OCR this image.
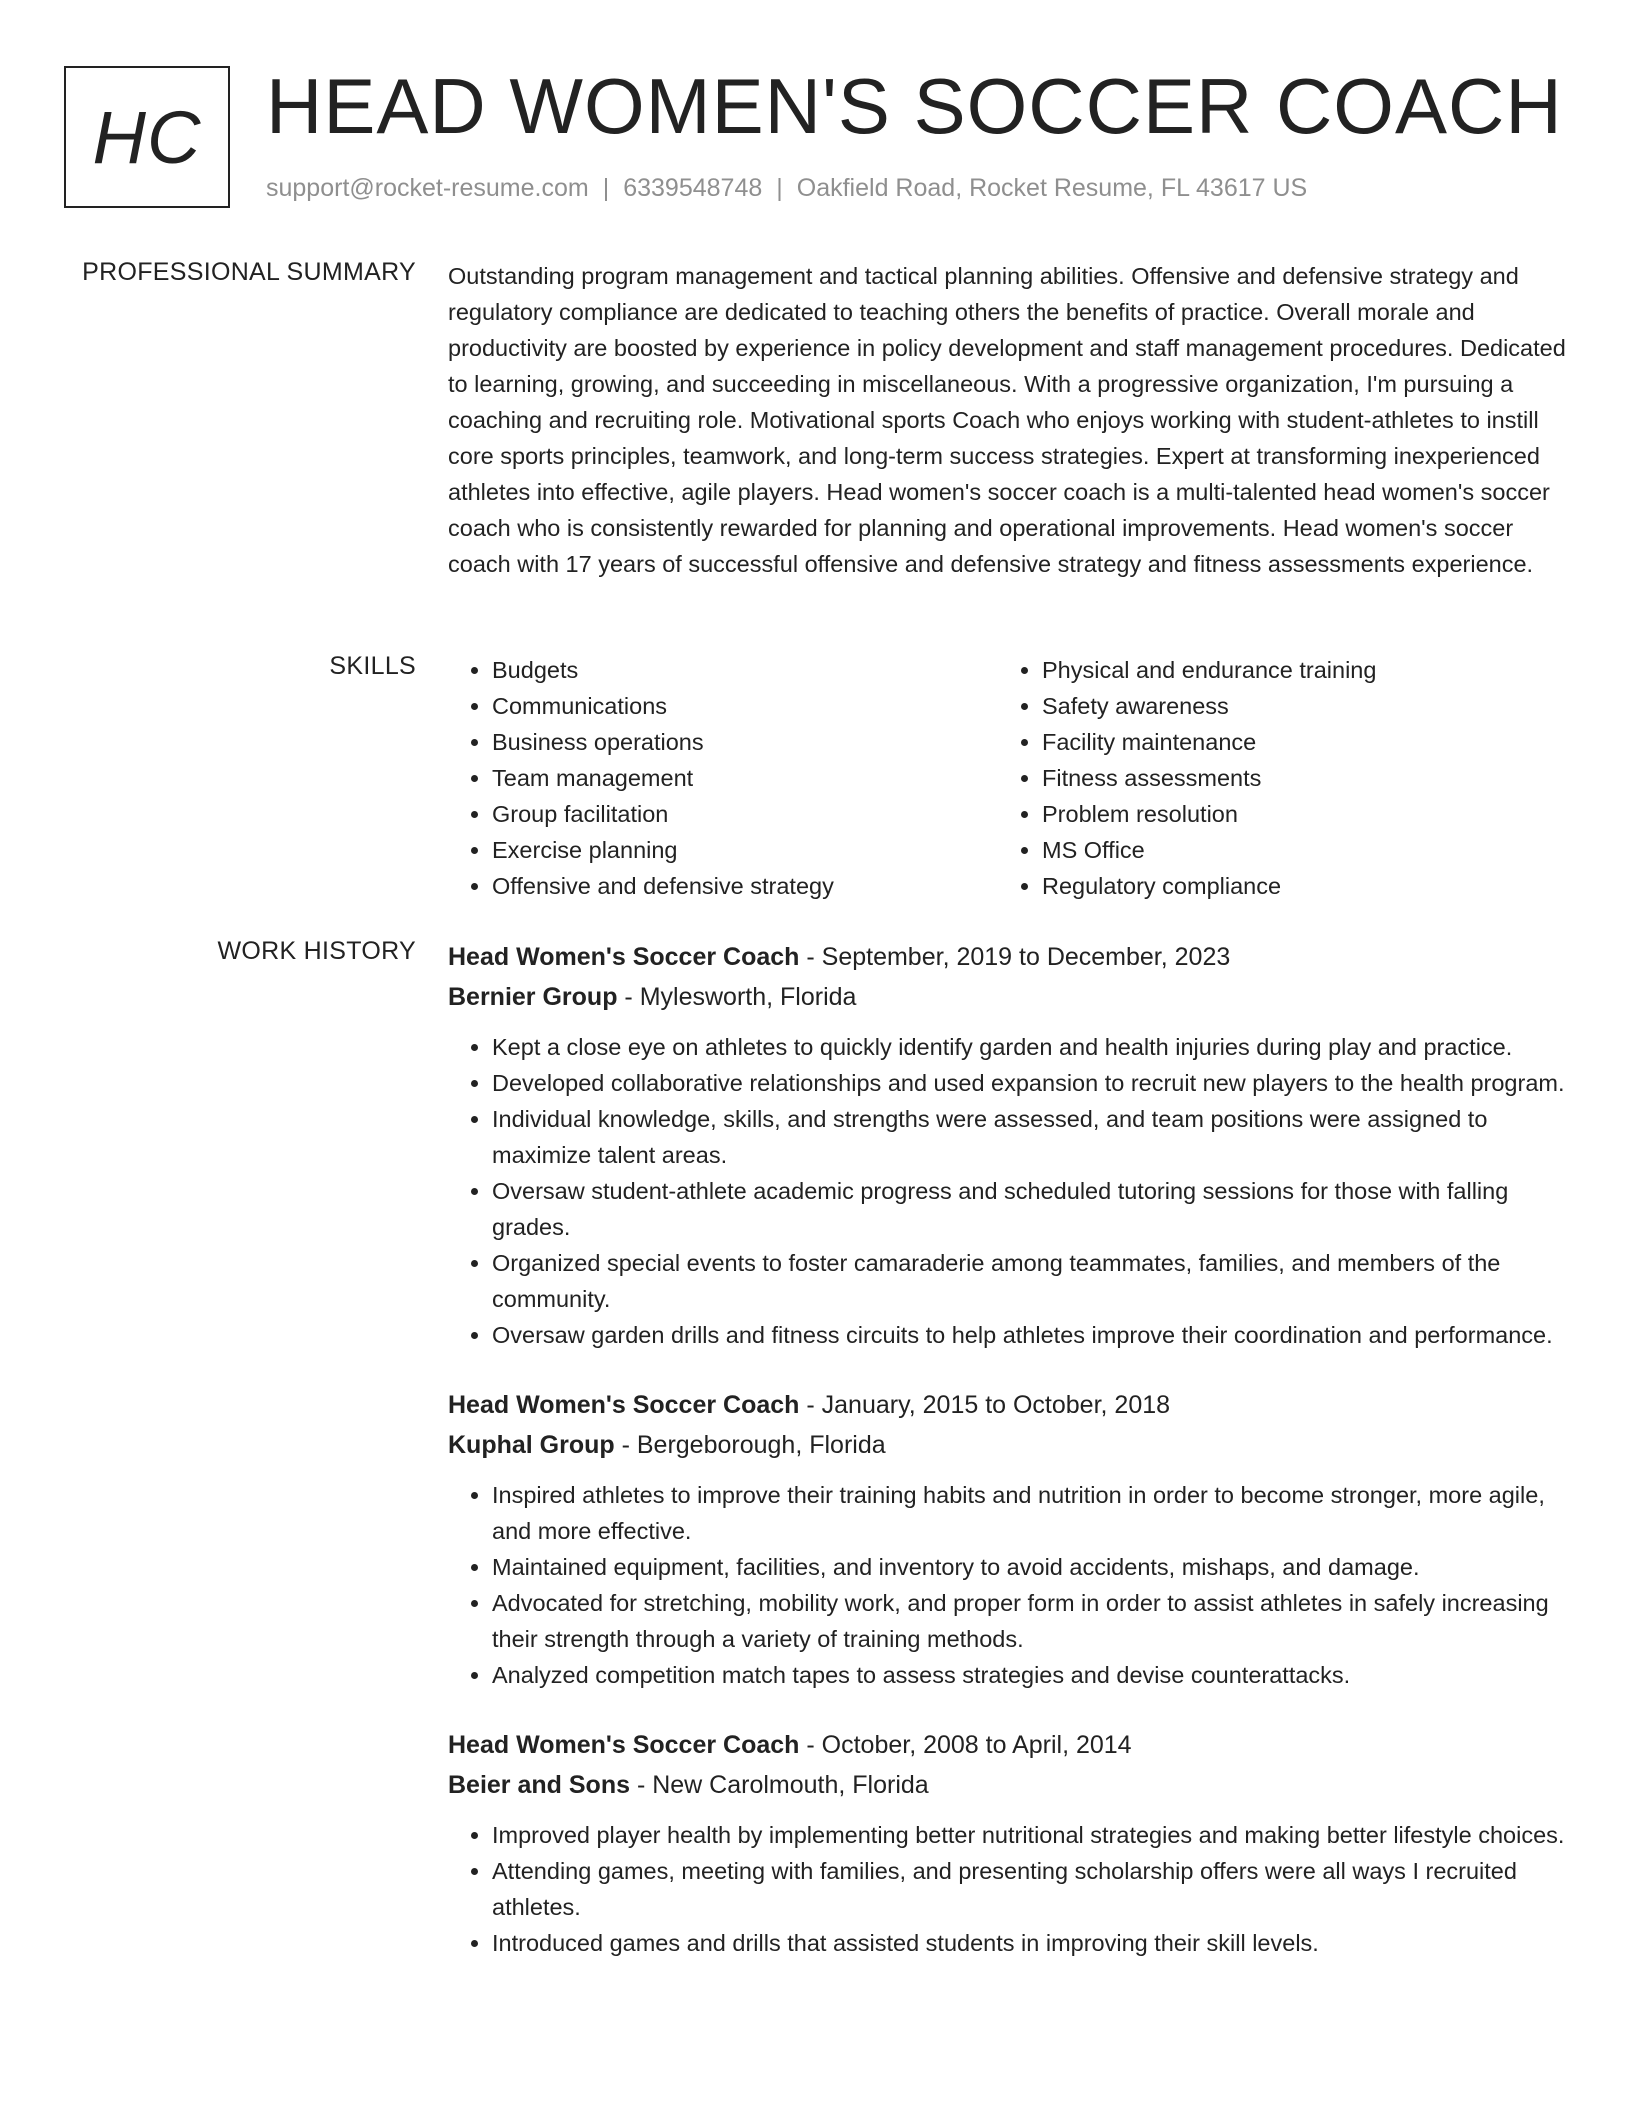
HC HEAD WOMEN'S SOCCER COACH
support@rocket-resume.com | 6339548748 | Oakfield Road, Rocket Resume, FL 43617 US
PROFESSIONAL SUMMARY Outstanding program management and tactical planning abilities. Offensive and defensive strategy and regulatory compliance are dedicated to teaching others the benefits of practice. Overall morale and productivity are boosted by experience in policy development and staff management procedures. Dedicated to learning, growing, and succeeding in miscellaneous. With a progressive organization, I'm pursuing a coaching and recruiting role. Motivational sports Coach who enjoys working with student-athletes to instill core sports principles, teamwork, and long-term success strategies. Expert at transforming inexperienced athletes into effective, agile players. Head women's soccer coach is a multi-talented head women's soccer coach who is consistently rewarded for planning and operational improvements. Head women's soccer coach with 17 years of successful offensive and defensive strategy and fitness assessments experience.

SKILLS
•	Budgets
• Communications
• Business operations
• Team management
• Group facilitation
• Exercise planning
• Offensive and defensive strategy
• Physical and endurance training
• Safety awareness
• Facility maintenance
• Fitness assessments
• Problem resolution
• MS Office
• Regulatory compliance
WORK HISTORY Head Women's Soccer Coach - September, 2019 to December, 2023
Bernier Group - Mylesworth, Florida
• Kept a close eye on athletes to quickly identify garden and health injuries during play and practice.
• Developed collaborative relationships and used expansion to recruit new players to the health program.
• Individual knowledge, skills, and strengths were assessed, and team positions were assigned to maximize talent areas.
• Oversaw student-athlete academic progress and scheduled tutoring sessions for those with falling grades.
• Organized special events to foster camaraderie among teammates, families, and members of the community.
• Oversaw garden drills and fitness circuits to help athletes improve their coordination and performance.
Head Women's Soccer Coach - January, 2015 to October, 2018
Kuphal Group - Bergeborough, Florida
• Inspired athletes to improve their training habits and nutrition in order to become stronger, more agile, and more effective.
• Maintained equipment, facilities, and inventory to avoid accidents, mishaps, and damage.
• Advocated for stretching, mobility work, and proper form in order to assist athletes in safely increasing their strength through a variety of training methods.
• Analyzed competition match tapes to assess strategies and devise counterattacks.
Head Women's Soccer Coach - October, 2008 to April, 2014
Beier and Sons - New Carolmouth, Florida
• Improved player health by implementing better nutritional strategies and making better lifestyle choices.
• Attending games, meeting with families, and presenting scholarship offers were all ways I recruited athletes.
• Introduced games and drills that assisted students in improving their skill levels.
